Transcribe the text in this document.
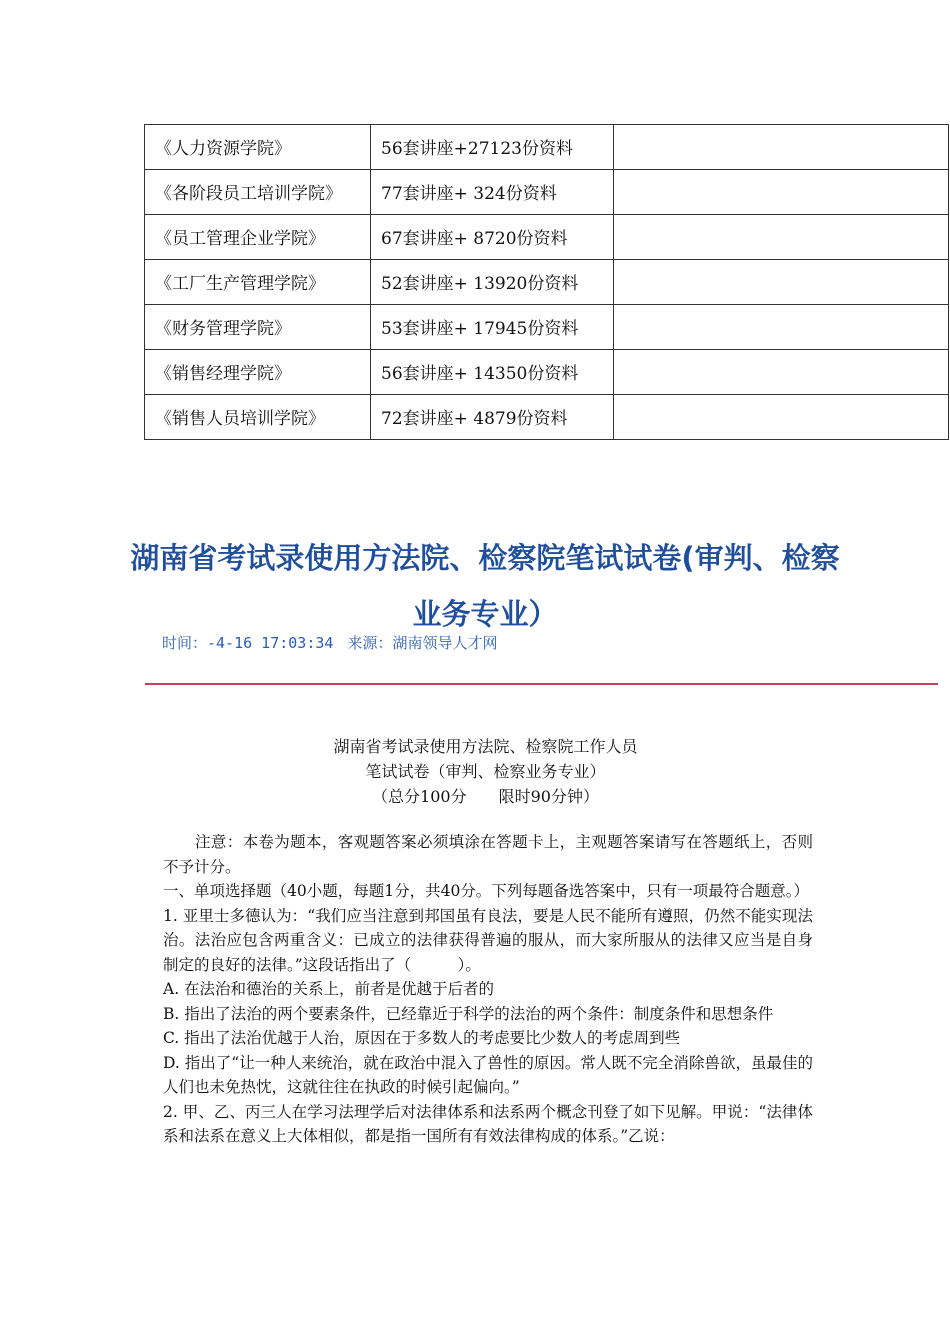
《人力资源学院》	56套讲座+27123份资料	
《各阶段员工培训学院》	77套讲座+ 324份资料	
《员工管理企业学院》	67套讲座+ 8720份资料	
《工厂生产管理学院》	52套讲座+ 13920份资料	
《财务管理学院》	53套讲座+ 17945份资料	
《销售经理学院》	56套讲座+ 14350份资料	
《销售人员培训学院》	72套讲座+ 4879份资料	
湖南省考试录使用方法院、检察院笔试试卷(审判、检察业务专业）
时间：-4-16 17:03:34 来源：湖南领导人才网
湖南省考试录使用方法院、检察院工作人员
笔试试卷（审判、检察业务专业）
（总分100分　　限时90分钟）

注意：本卷为题本，客观题答案必须填涂在答题卡上，主观题答案请写在答题纸上，否则不予计分。

一、单项选择题（40小题，每题1分，共40分。下列每题备选答案中，只有一项最符合题意。）

1. 亚里士多德认为：“我们应当注意到邦国虽有良法，要是人民不能所有遵照，仍然不能实现法治。法治应包含两重含义：已成立的法律获得普遍的服从，而大家所服从的法律又应当是自身制定的良好的法律。”这段话指出了（　　　）。

A. 在法治和德治的关系上，前者是优越于后者的

B. 指出了法治的两个要素条件，已经靠近于科学的法治的两个条件：制度条件和思想条件

C. 指出了法治优越于人治，原因在于多数人的考虑要比少数人的考虑周到些

D. 指出了“让一种人来统治，就在政治中混入了兽性的原因。常人既不完全消除兽欲，虽最佳的人们也未免热忱，这就往往在执政的时候引起偏向。”

2. 甲、乙、丙三人在学习法理学后对法律体系和法系两个概念刊登了如下见解。甲说：“法律体系和法系在意义上大体相似，都是指一国所有有效法律构成的体系。”乙说：
